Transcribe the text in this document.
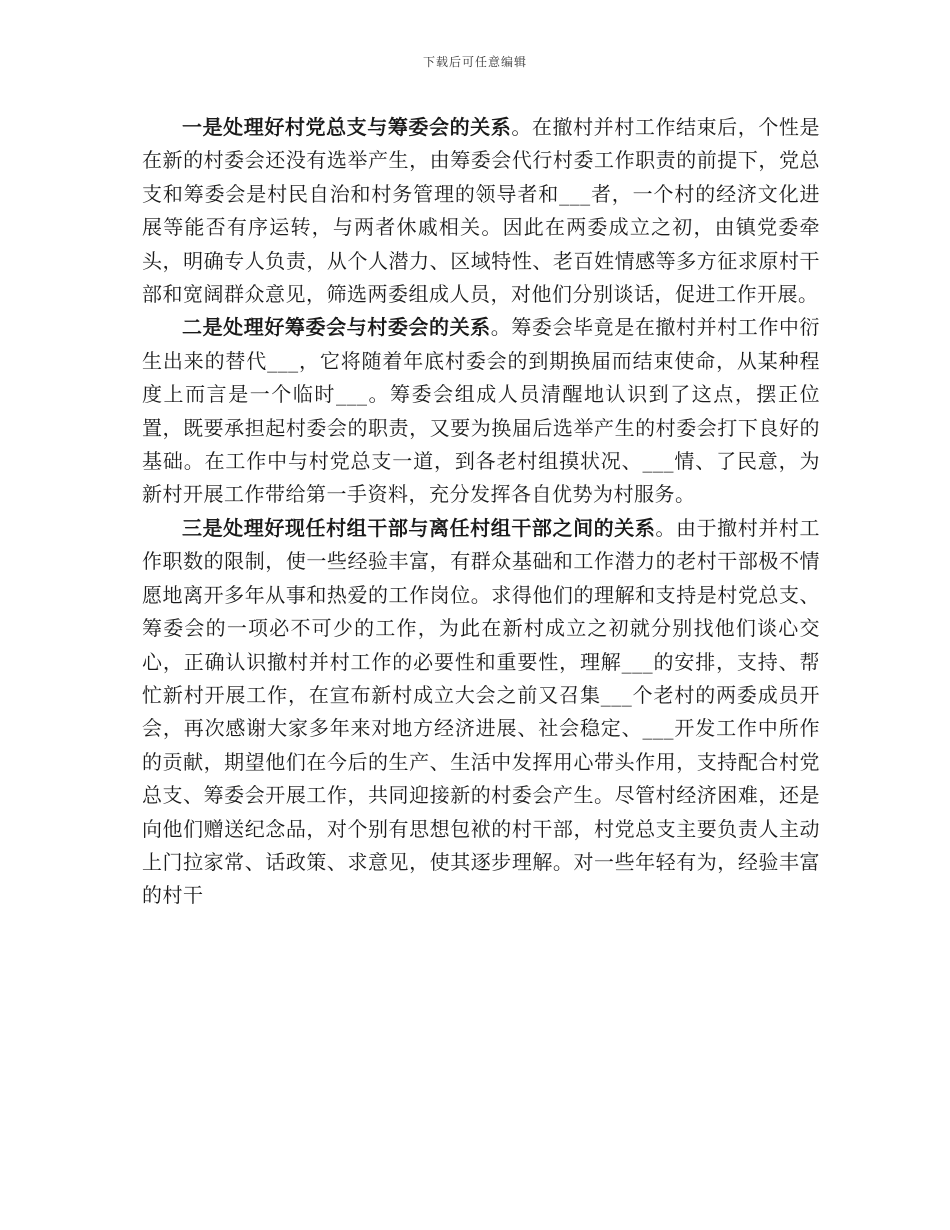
下载后可任意编辑

一是处理好村党总支与筹委会的关系。在撤村并村工作结束后，个性是在新的村委会还没有选举产生，由筹委会代行村委工作职责的前提下，党总支和筹委会是村民自治和村务管理的领导者和___者，一个村的经济文化进展等能否有序运转，与两者休戚相关。因此在两委成立之初，由镇党委牵头，明确专人负责，从个人潜力、区域特性、老百姓情感等多方征求原村干部和宽阔群众意见，筛选两委组成人员，对他们分别谈话，促进工作开展。

二是处理好筹委会与村委会的关系。筹委会毕竟是在撤村并村工作中衍生出来的替代___，它将随着年底村委会的到期换届而结束使命，从某种程度上而言是一个临时___。筹委会组成人员清醒地认识到了这点，摆正位置，既要承担起村委会的职责，又要为换届后选举产生的村委会打下良好的基础。在工作中与村党总支一道，到各老村组摸状况、___情、了民意，为新村开展工作带给第一手资料，充分发挥各自优势为村服务。

三是处理好现任村组干部与离任村组干部之间的关系。由于撤村并村工作职数的限制，使一些经验丰富，有群众基础和工作潜力的老村干部极不情愿地离开多年从事和热爱的工作岗位。求得他们的理解和支持是村党总支、筹委会的一项必不可少的工作，为此在新村成立之初就分别找他们谈心交心，正确认识撤村并村工作的必要性和重要性，理解___的安排，支持、帮忙新村开展工作，在宣布新村成立大会之前又召集___个老村的两委成员开会，再次感谢大家多年来对地方经济进展、社会稳定、___开发工作中所作的贡献，期望他们在今后的生产、生活中发挥用心带头作用，支持配合村党总支、筹委会开展工作，共同迎接新的村委会产生。尽管村经济困难，还是向他们赠送纪念品，对个别有思想包袱的村干部，村党总支主要负责人主动上门拉家常、话政策、求意见，使其逐步理解。对一些年轻有为，经验丰富的村干
